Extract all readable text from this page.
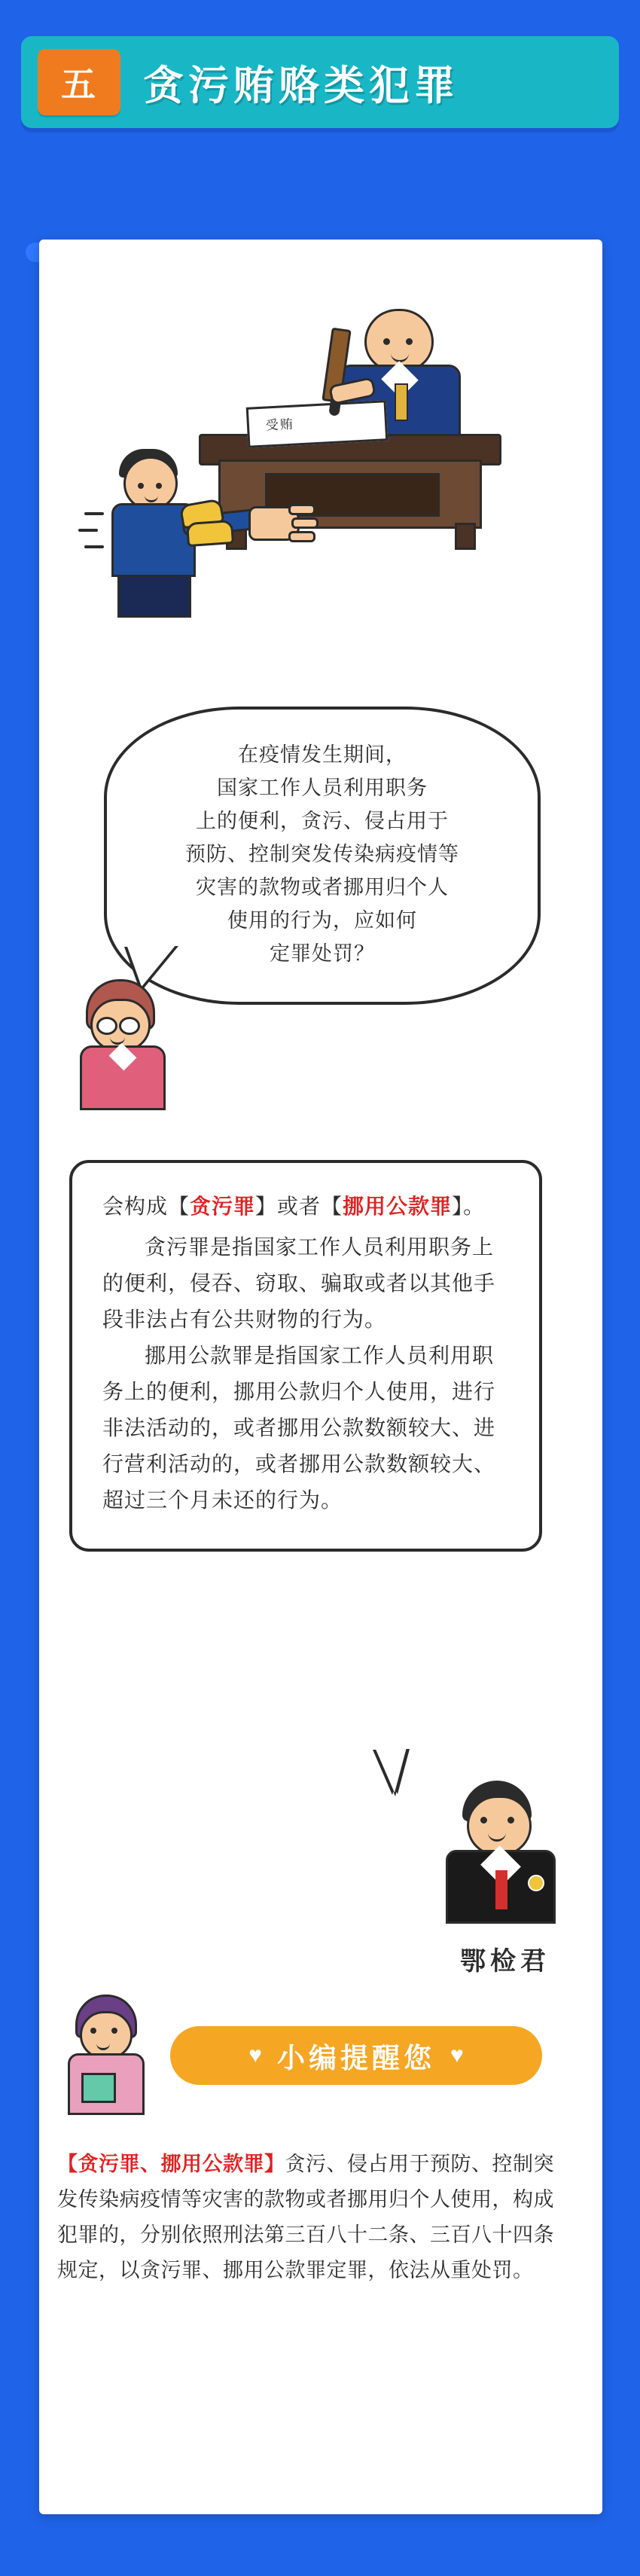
五	贪污贿赂类犯罪
受贿

在疫情发生期间，

国家工作人员利用职务

上的便利，贪污、侵占用于

预防、控制突发传染病疫情等

灾害的款物或者挪用归个人

使用的行为，应如何

定罪处罚？

会构成【贪污罪】或者【挪用公款罪】。

贪污罪是指国家工作人员利用职务上的便利，侵吞、窃取、骗取或者以其他手段非法占有公共财物的行为。

挪用公款罪是指国家工作人员利用职务上的便利，挪用公款归个人使用，进行非法活动的，或者挪用公款数额较大、进行营利活动的，或者挪用公款数额较大、超过三个月未还的行为。

鄂检君
♥ 小编提醒您 ♥
【贪污罪、挪用公款罪】贪污、侵占用于预防、控制突发传染病疫情等灾害的款物或者挪用归个人使用，构成犯罪的，分别依照刑法第三百八十二条、三百八十四条规定，以贪污罪、挪用公款罪定罪，依法从重处罚。
